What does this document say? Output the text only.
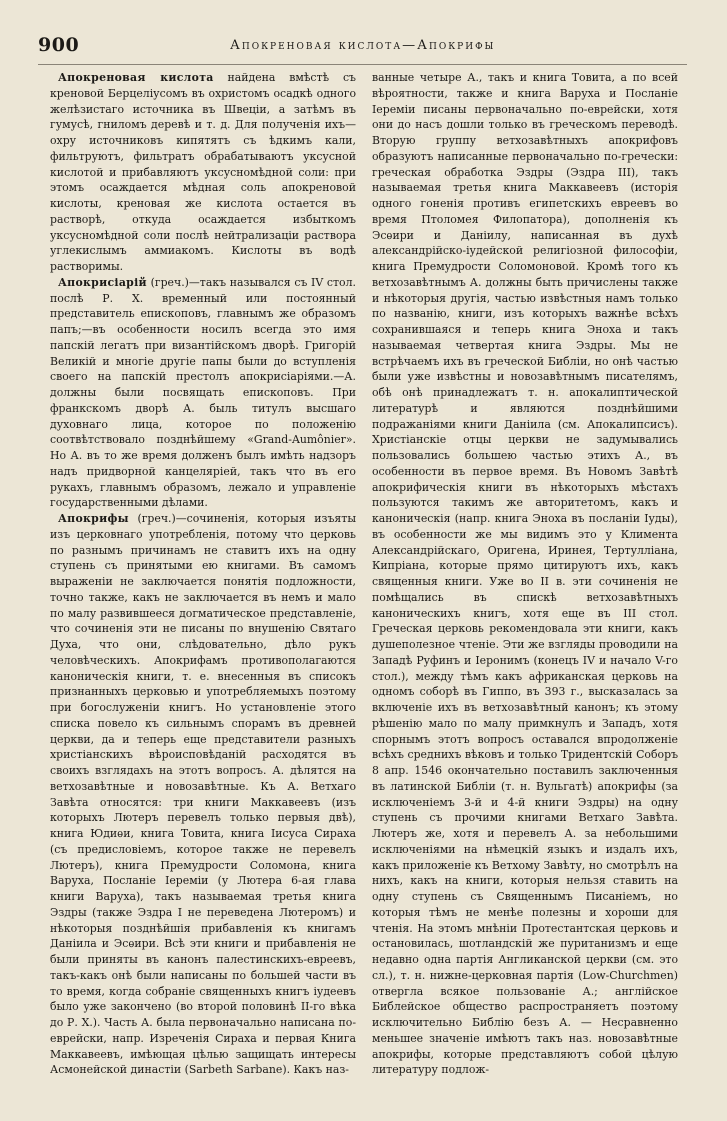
900	Апокреновая кислота—Апокрифы

Апокреновая кислота найдена вмѣстѣ съ креновой Берцеліусомъ въ охристомъ осадкѣ одного желѣзистаго источника въ Швеціи, а затѣмъ въ гумусѣ, гниломъ деревѣ и т. д. Для полученія ихъ—охру источниковъ кипятятъ съ ѣдкимъ кали, фильтруютъ, фильтратъ обрабатываютъ уксусной кислотой и прибавляютъ уксусномѣдной соли: при этомъ осаждается мѣдная соль апокреновой кислоты, креновая же кислота остается въ растворѣ, откуда осаждается избыткомъ уксусномѣдной соли послѣ нейтрализаціи раствора углекислымъ аммиакомъ. Кислоты въ водѣ растворимы.

Апокрисіарій (греч.)—такъ назывался съ IV стол. послѣ Р. Х. временный или постоянный представитель епископовъ, главнымъ же образомъ папъ;—въ особенности носилъ всегда это имя папскій легатъ при византійскомъ дворѣ. Григорій Великій и многіе другіе папы были до вступленія своего на папскій престолъ апокрисіаріями.—А. должны были посвящать епископовъ. При франкскомъ дворѣ А. быль титулъ высшаго духовнаго лица, которое по положенію соотвѣтствовало позднѣйшему «Grand-Aumônier». Но А. въ то же время долженъ былъ имѣть надзоръ надъ придворной канцеляріей, такъ что въ его рукахъ, главнымъ образомъ, лежало и управленіе государственными дѣлами.

Апокрифы (греч.)—сочиненія, которыя изъяты изъ церковнаго употребленія, потому что церковь по разнымъ причинамъ не ставитъ ихъ на одну ступень съ принятыми ею книгами. Въ самомъ выраженіи не заключается понятія подложности, точно также, какъ не заключается въ немъ и мало по малу развившееся догматическое представленіе, что сочиненія эти не писаны по внушенію Святаго Духа, что они, слѣдовательно, дѣло рукъ человѣческихъ. Апокрифамъ противополагаются каноническія книги, т. е. внесенныя въ списокъ признанныхъ церковью и употребляемыхъ поэтому при богослуженіи книгъ. Но установленіе этого списка повело къ сильнымъ спорамъ въ древней церкви, да и теперь еще представители разныхъ христіанскихъ вѣроисповѣданій расходятся въ своихъ взглядахъ на этотъ вопросъ. А. дѣлятся на ветхозавѣтные и новозавѣтные. Къ А. Ветхаго Завѣта относятся: три книги Маккавеевъ (изъ которыхъ Лютеръ перевелъ только первыя двѣ), книга Юдиѳи, книга Товита, книга Іисуса Сираха (съ предисловіемъ, которое также не перевелъ Лютеръ), книга Премудрости Соломона, книга Варуха, Посланіе Іереміи (у Лютера 6-ая глава книги Варуха), такъ называемая третья книга Эздры (также Эздра I не переведена Лютеромъ) и нѣкоторыя позднѣйшія прибавленія къ книгамъ Даніила и Эсѳири. Всѣ эти книги и прибавленія не были приняты въ канонъ палестинскихъ-евреевъ, такъ-какъ онѣ были написаны по большей части въ то время, когда собраніе священныхъ книгъ іудеевъ было уже закончено (во второй половинѣ II-го вѣка до Р. Х.). Часть А. была первоначально написана по-еврейски, напр. Изреченія Сираха и первая Книга Маккавеевъ, имѣющая цѣлью защищать интересы Асмонейской династіи (Sarbeth Sarbane). Какъ наз-

ванные четыре А., такъ и книга Товита, а по всей вѣроятности, также и книга Варуха и Посланіе Іереміи писаны первоначально по-еврейски, хотя они до насъ дошли только въ греческомъ переводѣ. Вторую группу ветхозавѣтныхъ апокрифовъ образуютъ написанные первоначально по-гречески: греческая обработка Эздры (Эздра III), такъ называемая третья книга Маккавеевъ (исторія одного гоненія противъ египетскихъ евреевъ во время Птоломея Филопатора), дополненія къ Эсѳири и Даніилу, написанная въ духѣ александрійско-іудейской религіозной философіи, книга Премудрости Соломоновой. Кромѣ того къ ветхозавѣтнымъ А. должны быть причислены также и нѣкоторыя другія, частью извѣстныя намъ только по названію, книги, изъ которыхъ важнѣе всѣхъ сохранившаяся и теперь книга Эноха и такъ называемая четвертая книга Эздры. Мы не встрѣчаемъ ихъ въ греческой Библіи, но онѣ частью были уже извѣстны и новозавѣтнымъ писателямъ, обѣ онѣ принадлежатъ т. н. апокалиптической литературѣ и являются позднѣйшими подражаніями книги Даніила (см. Апокалипсисъ). Христіанскіе отцы церкви не задумывались пользовались большею частью этихъ А., въ особенности въ первое время. Въ Новомъ Завѣтѣ апокрифическія книги въ нѣкоторыхъ мѣстахъ пользуются такимъ же авторитетомъ, какъ и каноническія (напр. книга Эноха въ посланіи Іуды), въ особенности же мы видимъ это у Климента Александрійскаго, Оригена, Иринея, Тертулліана, Кипріана, которые прямо цитируютъ ихъ, какъ священныя книги. Уже во II в. эти сочиненія не помѣщались въ спискѣ ветхозавѣтныхъ каноническихъ книгъ, хотя еще въ III стол. Греческая церковь рекомендовала эти книги, какъ душеполезное чтеніе. Эти же взгляды проводили на Западѣ Руфинъ и Іеронимъ (конецъ IV и начало V-го стол.), между тѣмъ какъ африканская церковь на одномъ соборѣ въ Гиппо, въ 393 г., высказалась за включеніе ихъ въ ветхозавѣтный канонъ; къ этому рѣшенію мало по малу примкнулъ и Западъ, хотя спорнымъ этотъ вопросъ оставался впродолженіе всѣхъ среднихъ вѣковъ и только Тридентскій Соборъ 8 апр. 1546 окончательно поставилъ заключенныя въ латинской Библіи (т. н. Вульгатѣ) апокрифы (за исключеніемъ 3-й и 4-й книги Эздры) на одну ступень съ прочими книгами Ветхаго Завѣта. Лютеръ же, хотя и перевелъ А. за небольшими исключеніями на нѣмецкій языкъ и издалъ ихъ, какъ приложеніе къ Ветхому Завѣту, но смотрѣлъ на нихъ, какъ на книги, которыя нельзя ставить на одну ступень съ Священнымъ Писаніемъ, но которыя тѣмъ не менѣе полезны и хороши для чтенія. На этомъ мнѣніи Протестантская церковь и остановилась, шотландскій же пуританизмъ и еще недавно одна партія Англиканской церкви (см. это сл.), т. н. нижне-церковная партія (Low-Churchmen) отвергла всякое пользованіе А.; англійское Библейское общество распространяетъ поэтому исключительно Библію безъ А. — Несравненно меньшее значеніе имѣютъ такъ наз. новозавѣтные апокрифы, которые представляютъ собой цѣлую литературу подлож-
